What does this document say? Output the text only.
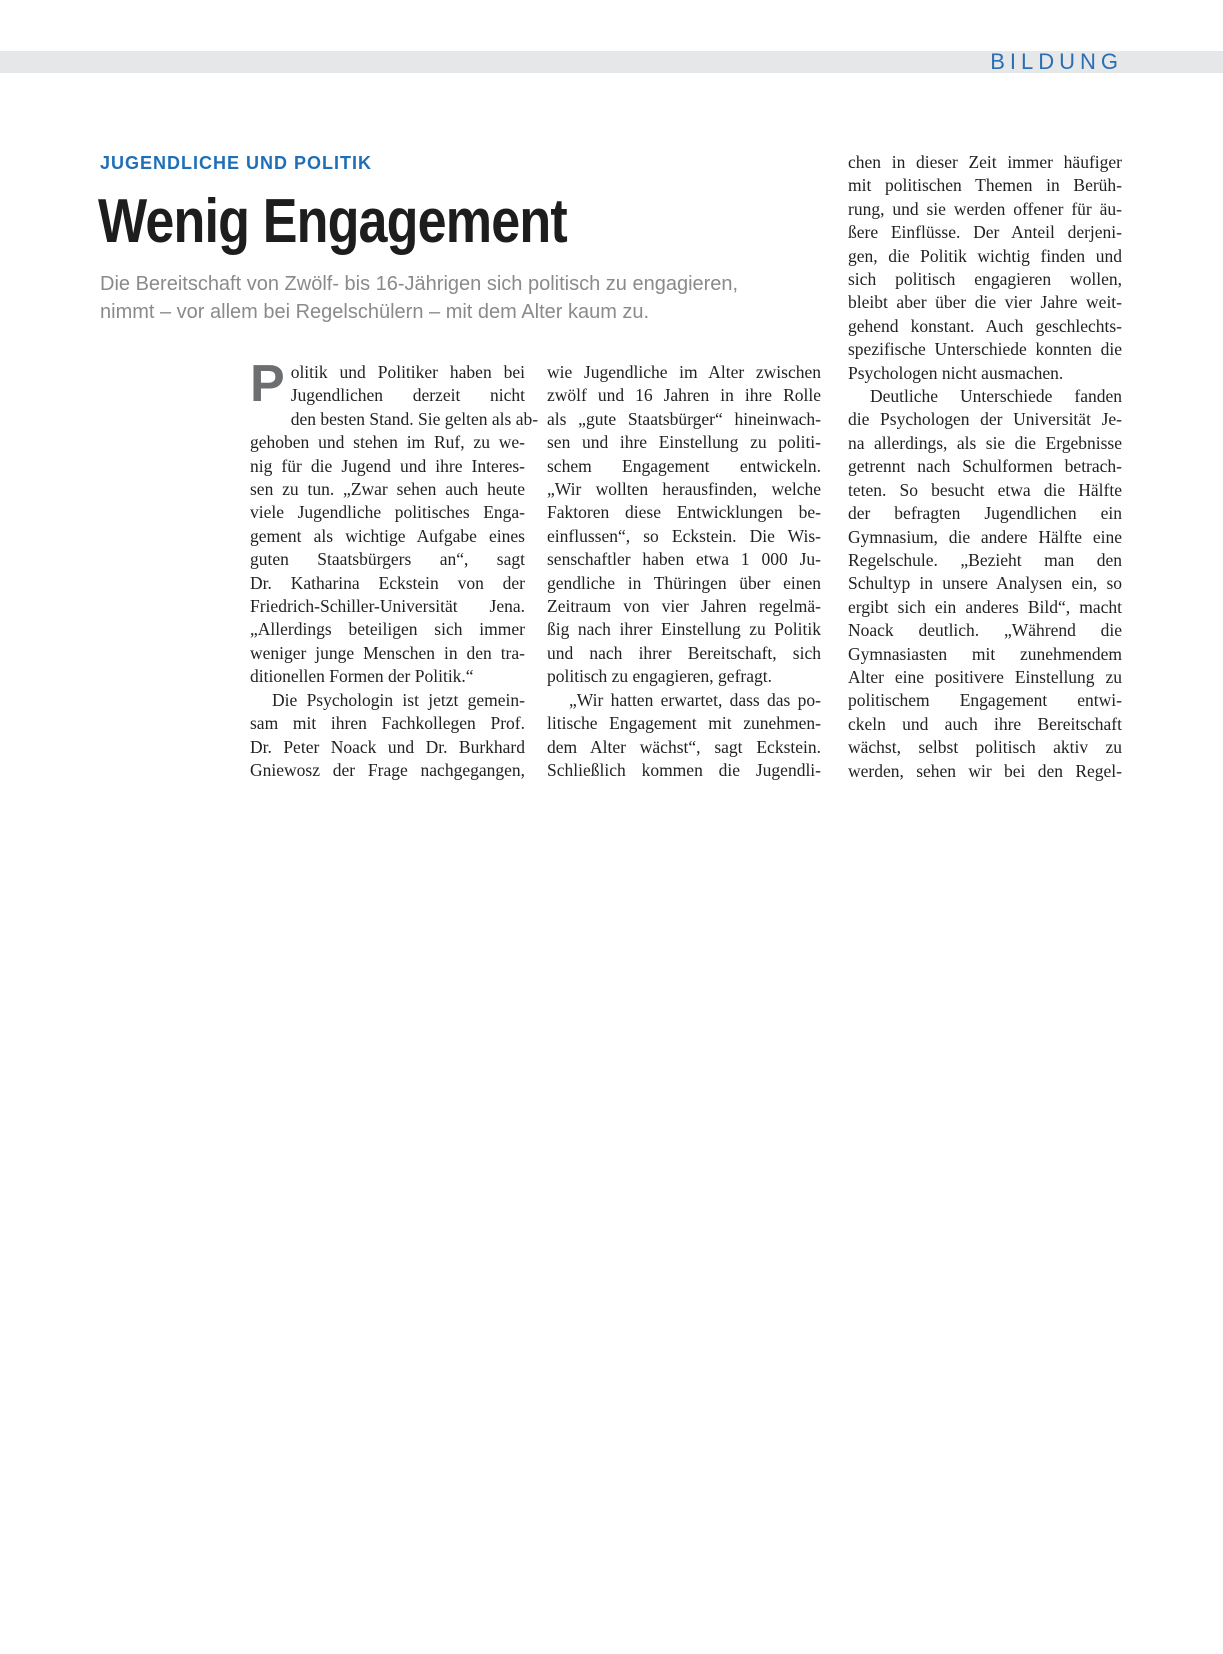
BILDUNG
JUGENDLICHE UND POLITIK
Wenig Engagement
Die Bereitschaft von Zwölf- bis 16-Jährigen sich politisch zu engagieren,
nimmt – vor allem bei Regelschülern – mit dem Alter kaum zu.
P olitik und Politiker haben bei
Jugendlichen derzeit nicht
den besten Stand. Sie gelten als ab-
gehoben und stehen im Ruf, zu we-
nig für die Jugend und ihre Interes-
sen zu tun. „Zwar sehen auch heute
viele Jugendliche politisches Enga-
gement als wichtige Aufgabe eines
guten Staatsbürgers an“, sagt
Dr. Katharina Eckstein von der
Friedrich-Schiller-Universität Jena.
„Allerdings beteiligen sich immer
weniger junge Menschen in den tra-
ditionellen Formen der Politik.“
Die Psychologin ist jetzt gemein-
sam mit ihren Fachkollegen Prof.
Dr. Peter Noack und Dr. Burkhard
Gniewosz der Frage nachgegangen,
wie Jugendliche im Alter zwischen
zwölf und 16 Jahren in ihre Rolle
als „gute Staatsbürger“ hineinwach-
sen und ihre Einstellung zu politi-
schem Engagement entwickeln.
„Wir wollten herausfinden, welche
Faktoren diese Entwicklungen be-
einflussen“, so Eckstein. Die Wis-
senschaftler haben etwa 1 000 Ju-
gendliche in Thüringen über einen
Zeitraum von vier Jahren regelmä-
ßig nach ihrer Einstellung zu Politik
und nach ihrer Bereitschaft, sich
politisch zu engagieren, gefragt.
„Wir hatten erwartet, dass das po-
litische Engagement mit zunehmen-
dem Alter wächst“, sagt Eckstein.
Schließlich kommen die Jugendli-
chen in dieser Zeit immer häufiger
mit politischen Themen in Berüh-
rung, und sie werden offener für äu-
ßere Einflüsse. Der Anteil derjeni-
gen, die Politik wichtig finden und
sich politisch engagieren wollen,
bleibt aber über die vier Jahre weit-
gehend konstant. Auch geschlechts-
spezifische Unterschiede konnten die
Psychologen nicht ausmachen.
Deutliche Unterschiede fanden
die Psychologen der Universität Je-
na allerdings, als sie die Ergebnisse
getrennt nach Schulformen betrach-
teten. So besucht etwa die Hälfte
der befragten Jugendlichen ein
Gymnasium, die andere Hälfte eine
Regelschule. „Bezieht man den
Schultyp in unsere Analysen ein, so
ergibt sich ein anderes Bild“, macht
Noack deutlich. „Während die
Gymnasiasten mit zunehmendem
Alter eine positivere Einstellung zu
politischem Engagement entwi-
ckeln und auch ihre Bereitschaft
wächst, selbst politisch aktiv zu
werden, sehen wir bei den Regel-
